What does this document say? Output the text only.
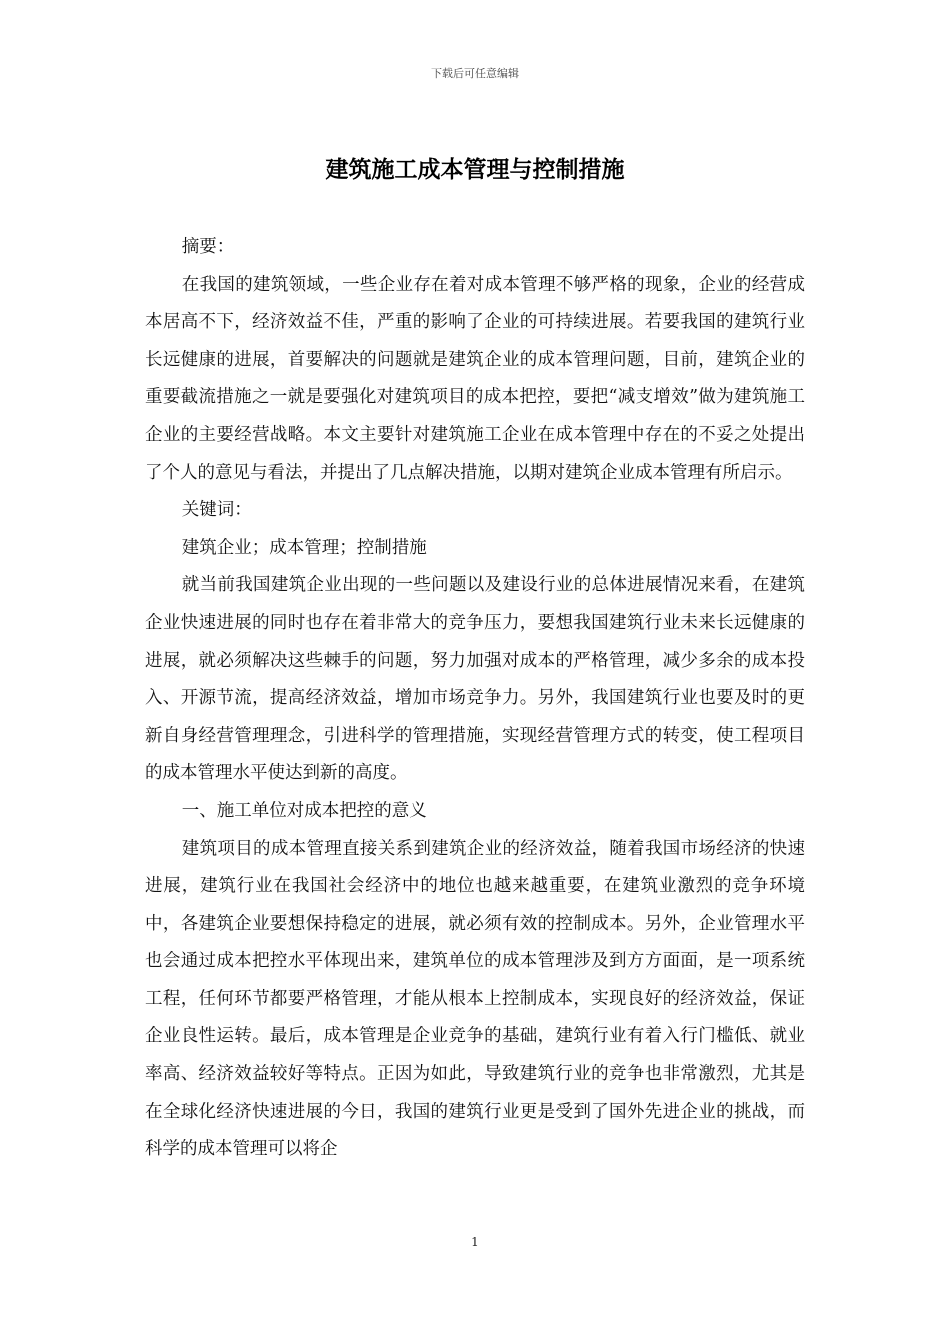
下载后可任意编辑
建筑施工成本管理与控制措施

摘要：

在我国的建筑领域，一些企业存在着对成本管理不够严格的现象，企业的经营成本居高不下，经济效益不佳，严重的影响了企业的可持续进展。若要我国的建筑行业长远健康的进展，首要解决的问题就是建筑企业的成本管理问题，目前，建筑企业的重要截流措施之一就是要强化对建筑项目的成本把控，要把“减支增效”做为建筑施工企业的主要经营战略。本文主要针对建筑施工企业在成本管理中存在的不妥之处提出了个人的意见与看法，并提出了几点解决措施，以期对建筑企业成本管理有所启示。

关键词：

建筑企业；成本管理；控制措施

就当前我国建筑企业出现的一些问题以及建设行业的总体进展情况来看，在建筑企业快速进展的同时也存在着非常大的竞争压力，要想我国建筑行业未来长远健康的进展，就必须解决这些棘手的问题，努力加强对成本的严格管理，减少多余的成本投入、开源节流，提高经济效益，增加市场竞争力。另外，我国建筑行业也要及时的更新自身经营管理理念，引进科学的管理措施，实现经营管理方式的转变，使工程项目的成本管理水平使达到新的高度。

一、施工单位对成本把控的意义

建筑项目的成本管理直接关系到建筑企业的经济效益，随着我国市场经济的快速进展，建筑行业在我国社会经济中的地位也越来越重要，在建筑业激烈的竞争环境中，各建筑企业要想保持稳定的进展，就必须有效的控制成本。另外，企业管理水平也会通过成本把控水平体现出来，建筑单位的成本管理涉及到方方面面，是一项系统工程，任何环节都要严格管理，才能从根本上控制成本，实现良好的经济效益，保证企业良性运转。最后，成本管理是企业竞争的基础，建筑行业有着入行门槛低、就业率高、经济效益较好等特点。正因为如此，导致建筑行业的竞争也非常激烈，尤其是在全球化经济快速进展的今日，我国的建筑行业更是受到了国外先进企业的挑战，而科学的成本管理可以将企

1
